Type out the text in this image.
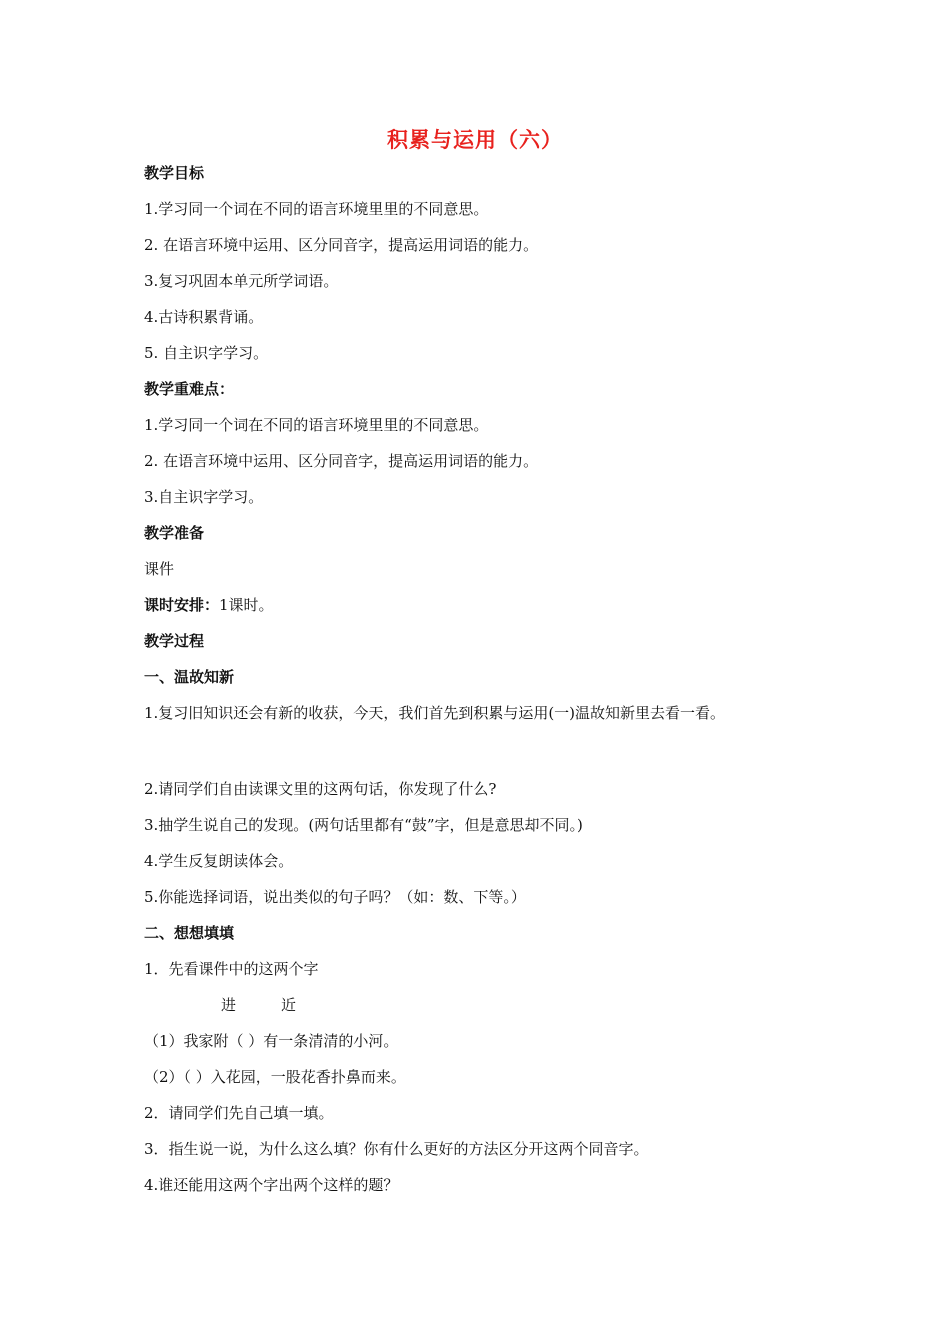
积累与运用（六）
教学目标
1.学习同一个词在不同的语言环境里里的不同意思。
2. 在语言环境中运用、区分同音字，提高运用词语的能力。
3.复习巩固本单元所学词语。
4.古诗积累背诵。
5. 自主识字学习。
教学重难点：
1.学习同一个词在不同的语言环境里里的不同意思。
2. 在语言环境中运用、区分同音字，提高运用词语的能力。
3.自主识字学习。
教学准备
课件
课时安排：1课时。
教学过程
一、温故知新
1.复习旧知识还会有新的收获，今天，我们首先到积累与运用(一)温故知新里去看一看。
2.请同学们自由读课文里的这两句话，你发现了什么?
3.抽学生说自己的发现。(两句话里都有“鼓”字，但是意思却不同。)
4.学生反复朗读体会。
5.你能选择词语，说出类似的句子吗？（如：数、下等。）
二、想想填填
1．先看课件中的这两个字
进	近
（1）我家附（ ）有一条清清的小河。
（2）（ ）入花园，一股花香扑鼻而来。
2．请同学们先自己填一填。
3．指生说一说，为什么这么填？你有什么更好的方法区分开这两个同音字。
4.谁还能用这两个字出两个这样的题？
